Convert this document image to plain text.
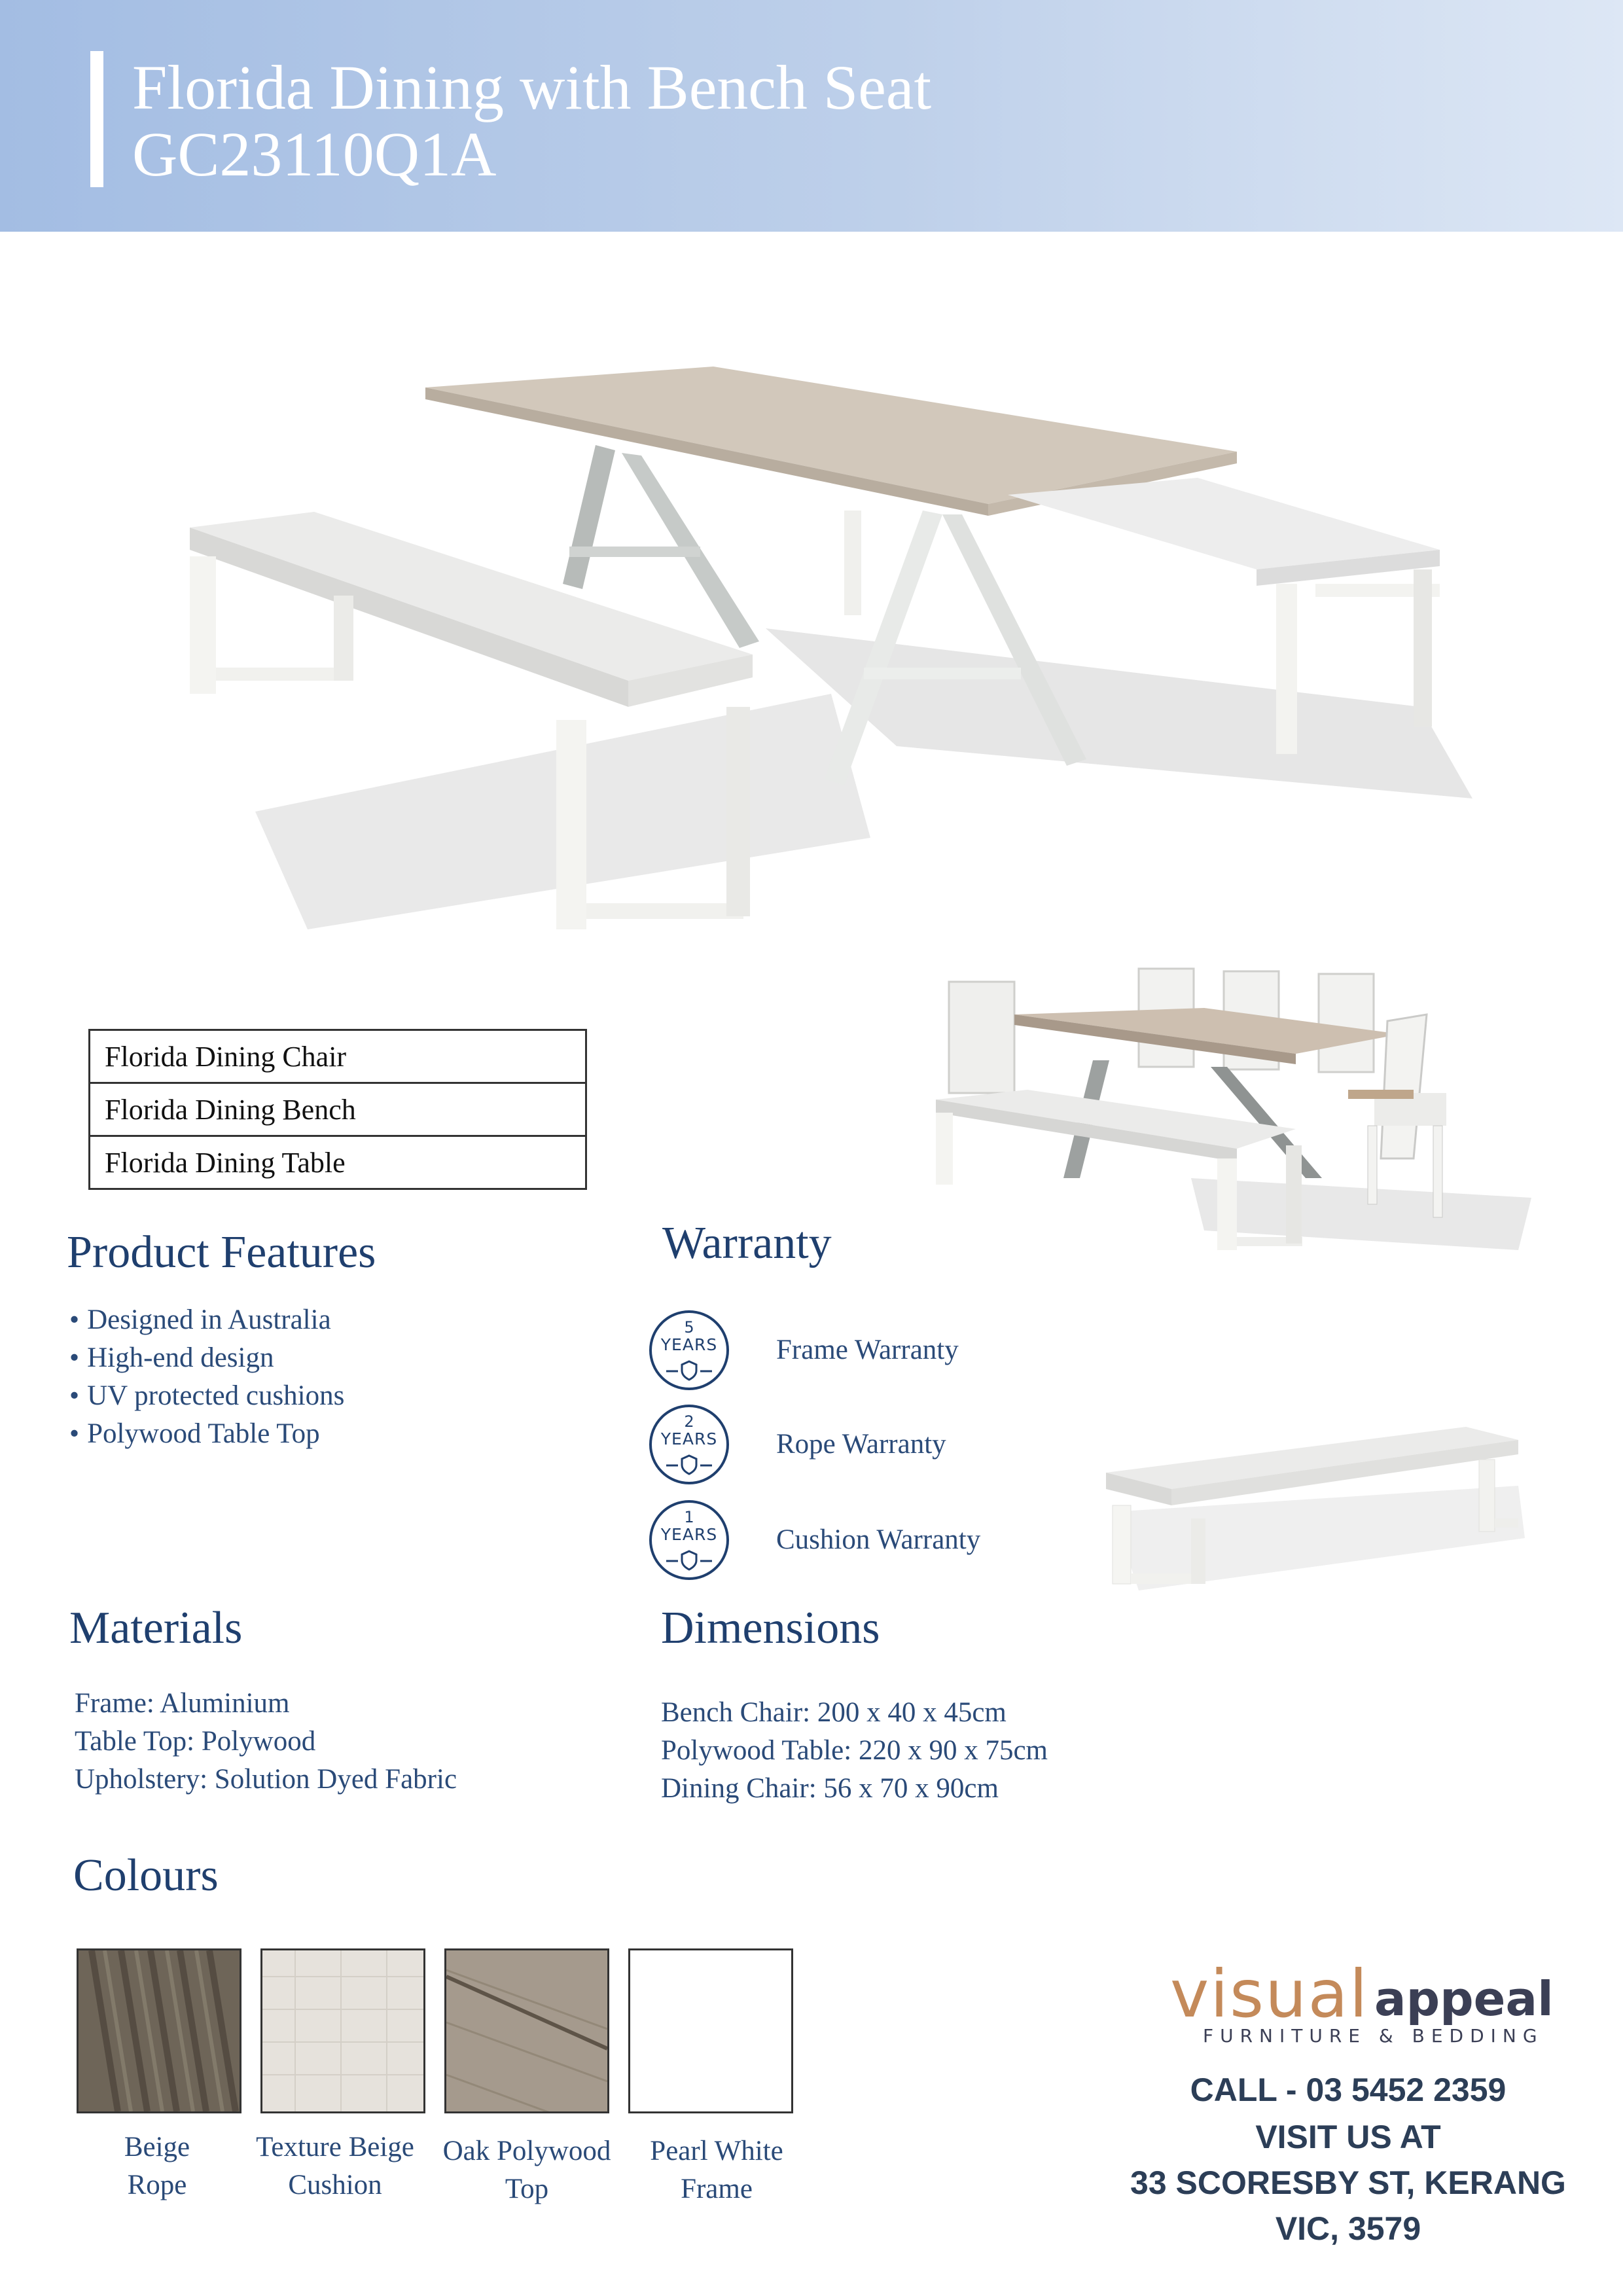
Florida Dining with Bench Seat
GC23110Q1A
Florida Dining Chair
Florida Dining Bench
Florida Dining Table
Product Features
• Designed in Australia
• High-end design
• UV protected cushions
• Polywood Table Top
Warranty
5
YEARS	Frame Warranty
2
YEARS	Rope Warranty
1
YEARS	Cushion Warranty
Materials
Frame: Aluminium
Table Top: Polywood
Upholstery: Solution Dyed Fabric
Dimensions
Bench Chair: 200 x 40 x 45cm
Polywood Table: 220 x 90 x 75cm
Dining Chair: 56 x 70 x 90cm
Colours
Beige
Rope
Texture Beige
Cushion
Oak Polywood
Top
Pearl White
Frame
visual appeal
FURNITURE & BEDDING
CALL - 03 5452 2359
VISIT US AT
33 SCORESBY ST, KERANG
VIC, 3579
